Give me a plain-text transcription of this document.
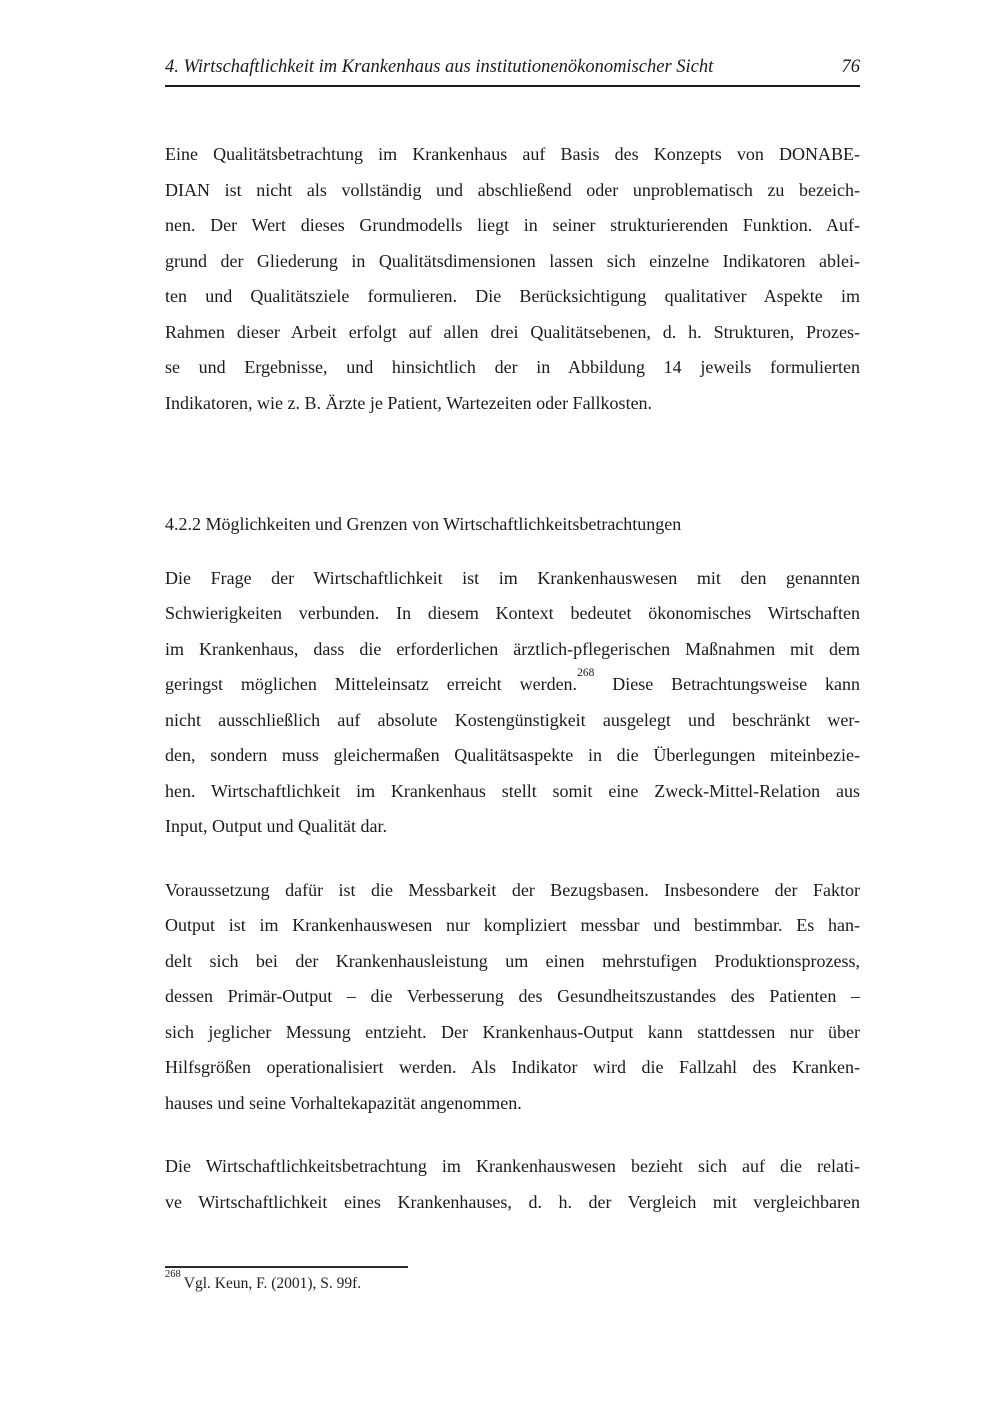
4. Wirtschaftlichkeit im Krankenhaus aus institutionenökonomischer Sicht	76
Eine Qualitätsbetrachtung im Krankenhaus auf Basis des Konzepts von DONABE-
DIAN ist nicht als vollständig und abschließend oder unproblematisch zu bezeich-
nen. Der Wert dieses Grundmodells liegt in seiner strukturierenden Funktion. Auf-
grund der Gliederung in Qualitätsdimensionen lassen sich einzelne Indikatoren ablei-
ten und Qualitätsziele formulieren. Die Berücksichtigung qualitativer Aspekte im
Rahmen dieser Arbeit erfolgt auf allen drei Qualitätsebenen, d. h. Strukturen, Prozes-
se und Ergebnisse, und hinsichtlich der in Abbildung 14 jeweils formulierten
Indikatoren, wie z. B. Ärzte je Patient, Wartezeiten oder Fallkosten.
4.2.2 Möglichkeiten und Grenzen von Wirtschaftlichkeitsbetrachtungen
Die Frage der Wirtschaftlichkeit ist im Krankenhauswesen mit den genannten
Schwierigkeiten verbunden. In diesem Kontext bedeutet ökonomisches Wirtschaften
im Krankenhaus, dass die erforderlichen ärztlich-pflegerischen Maßnahmen mit dem
geringst möglichen Mitteleinsatz erreicht werden.$^{268}$ Diese Betrachtungsweise kann
nicht ausschließlich auf absolute Kostengünstigkeit ausgelegt und beschränkt wer-
den, sondern muss gleichermaßen Qualitätsaspekte in die Überlegungen miteinbezie-
hen. Wirtschaftlichkeit im Krankenhaus stellt somit eine Zweck-Mittel-Relation aus
Input, Output und Qualität dar.
Voraussetzung dafür ist die Messbarkeit der Bezugsbasen. Insbesondere der Faktor
Output ist im Krankenhauswesen nur kompliziert messbar und bestimmbar. Es han-
delt sich bei der Krankenhausleistung um einen mehrstufigen Produktionsprozess,
dessen Primär-Output – die Verbesserung des Gesundheitszustandes des Patienten –
sich jeglicher Messung entzieht. Der Krankenhaus-Output kann stattdessen nur über
Hilfsgrößen operationalisiert werden. Als Indikator wird die Fallzahl des Kranken-
hauses und seine Vorhaltekapazität angenommen.
Die Wirtschaftlichkeitsbetrachtung im Krankenhauswesen bezieht sich auf die relati-
ve Wirtschaftlichkeit eines Krankenhauses, d. h. der Vergleich mit vergleichbaren
$^{268}$Vgl. Keun, F. (2001), S. 99f.
